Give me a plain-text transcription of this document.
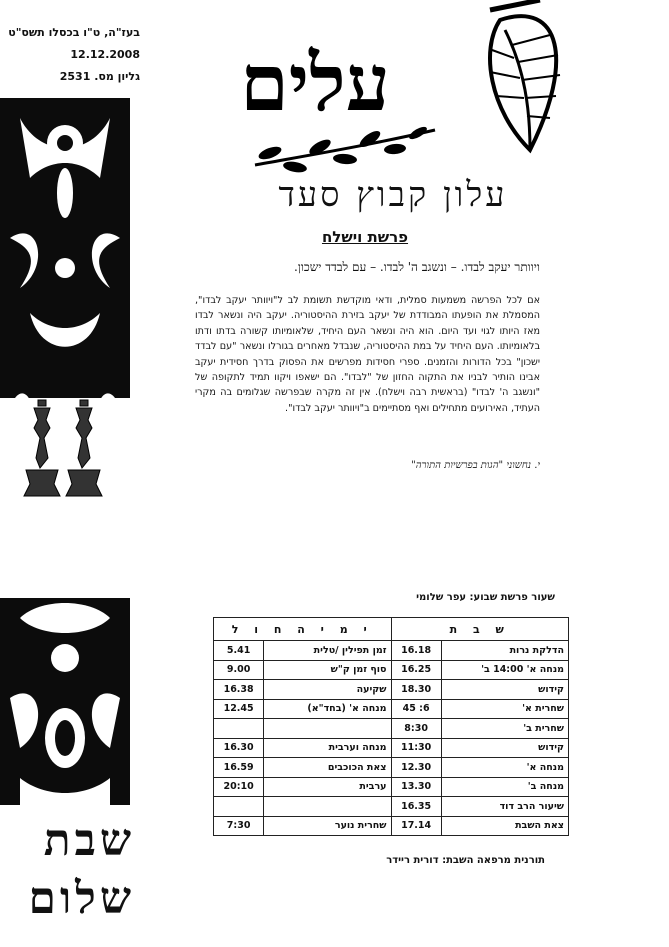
בעז"ה, ט"ו בכסלו תשס"ט
12.12.2008
גליון מס. 2531 עלים
עלון קבוץ סעד
פרשת וישלח
ויוותר יעקב לבדו. – ונשגב ה' לבדו. – עם לבדד ישכון.
אם לכל הפרשה משמעות סמלית, ודאי מוקדשת תשומת לב ל"ויוותר יעקב לבדו", המסמלת את הופעתו המבודדת של יעקב בזירת ההיסטוריה. יעקב היה ונשאר לבדו מאז היותו לגוי ועד היום. הוא היה ונשאר העם היחיד, שלאומיותו קשורה בדתו ודתו בלאומיותו. העם היחיד על במת ההיסטוריה, שנבדל מאחרים בגורלו ונשאר "עם לבדד ישכון" בכל הדורות והזמנים. ספרי חסידות מפרשים את הפסוק בדרך חסידית יעקב אבינו הותיר לבניו את התקוה החזון של "לבדו". הם ישאפו ויקוו תמיד לתקופה של "ונשגב ה' לבדו" (בראשית רבה וישלח). אין זה מקרה שבפרשה שגלומים בה מקרי העתיד, האירועים מתחילים ואף מסתיימים ב"ויוותר יעקב לבדו".
י. נחשוני "הגות בפרשיות התורה"
שבת
שלום
שעור פרשת שבוע: עפר שלומי
ש ב ת		י מ י ה ח ו ל	
הדלקת נרות	16.18	זמן תפילין /טלית	5.41
מנחה א' 14:00 ב'	16.25	סוף זמן ק"ש	9.00
קידוש	18.30	שקיעה	16.38
שחרית א'	6: 45	מנחה א' (בחד"א)	12.45
שחרית ב'	8:30		
קידוש	11:30	מנחה וערבית	16.30
מנחה א'	12.30	צאת הכוכבים	16.59
מנחה ב'	13.30	ערבית	20:10
שיעור הרב דוד	16.35		
צאת השבת	17.14	שחרית נוער	7:30
תורנית מרפאה השבת: דורית ריידר
